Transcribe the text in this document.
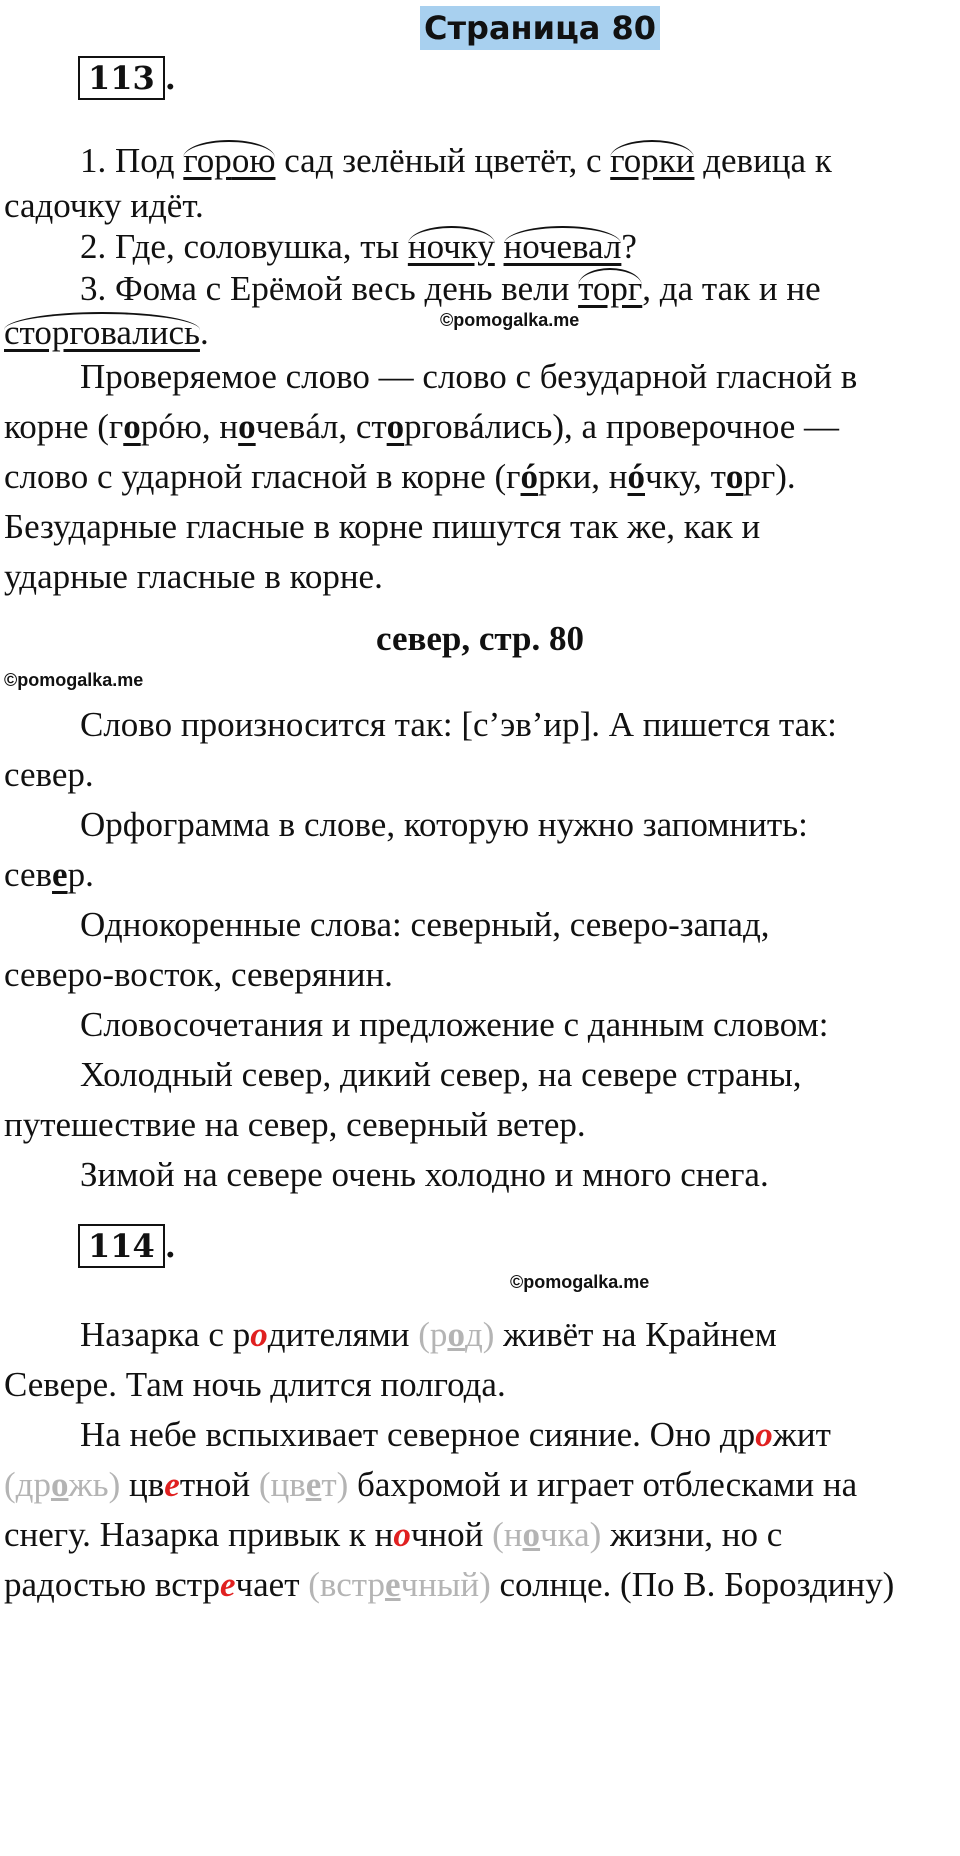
Страница 80
113 .
1. Под горою сад зелёный цветёт, с горки девица к
садочку идёт.
2. Где, соловушка, ты ночку ночевал?
3. Фома с Ерёмой весь день вели торг, да так и не
сторговались.	©pomogalka.me

Проверяемое слово — слово с безударной гласной в

корне (горóю, ночевáл, сторговáлись), а проверочное —

слово с ударной гласной в корне (гóрки, нóчку, торг).

Безударные гласные в корне пишутся так же, как и

ударные гласные в корне.

север, стр. 80
©pomogalka.me

Слово произносится так: [с’эв’ир]. А пишется так:

север.

Орфограмма в слове, которую нужно запомнить:

север.

Однокоренные слова: северный, северо-запад,

северо-восток, северянин.

Словосочетания и предложение с данным словом:

Холодный север, дикий север, на севере страны,

путешествие на север, северный ветер.

Зимой на севере очень холодно и много снега.

114 .
©pomogalka.me

Назарка с родителями (род) живёт на Крайнем

Севере. Там ночь длится полгода.

На небе вспыхивает северное сияние. Оно дрожит

(дрожь) цветной (цвет) бахромой и играет отблесками на

снегу. Назарка привык к ночной (ночка) жизни, но с

радостью встречает (встречный) солнце. (По В. Бороздину)
